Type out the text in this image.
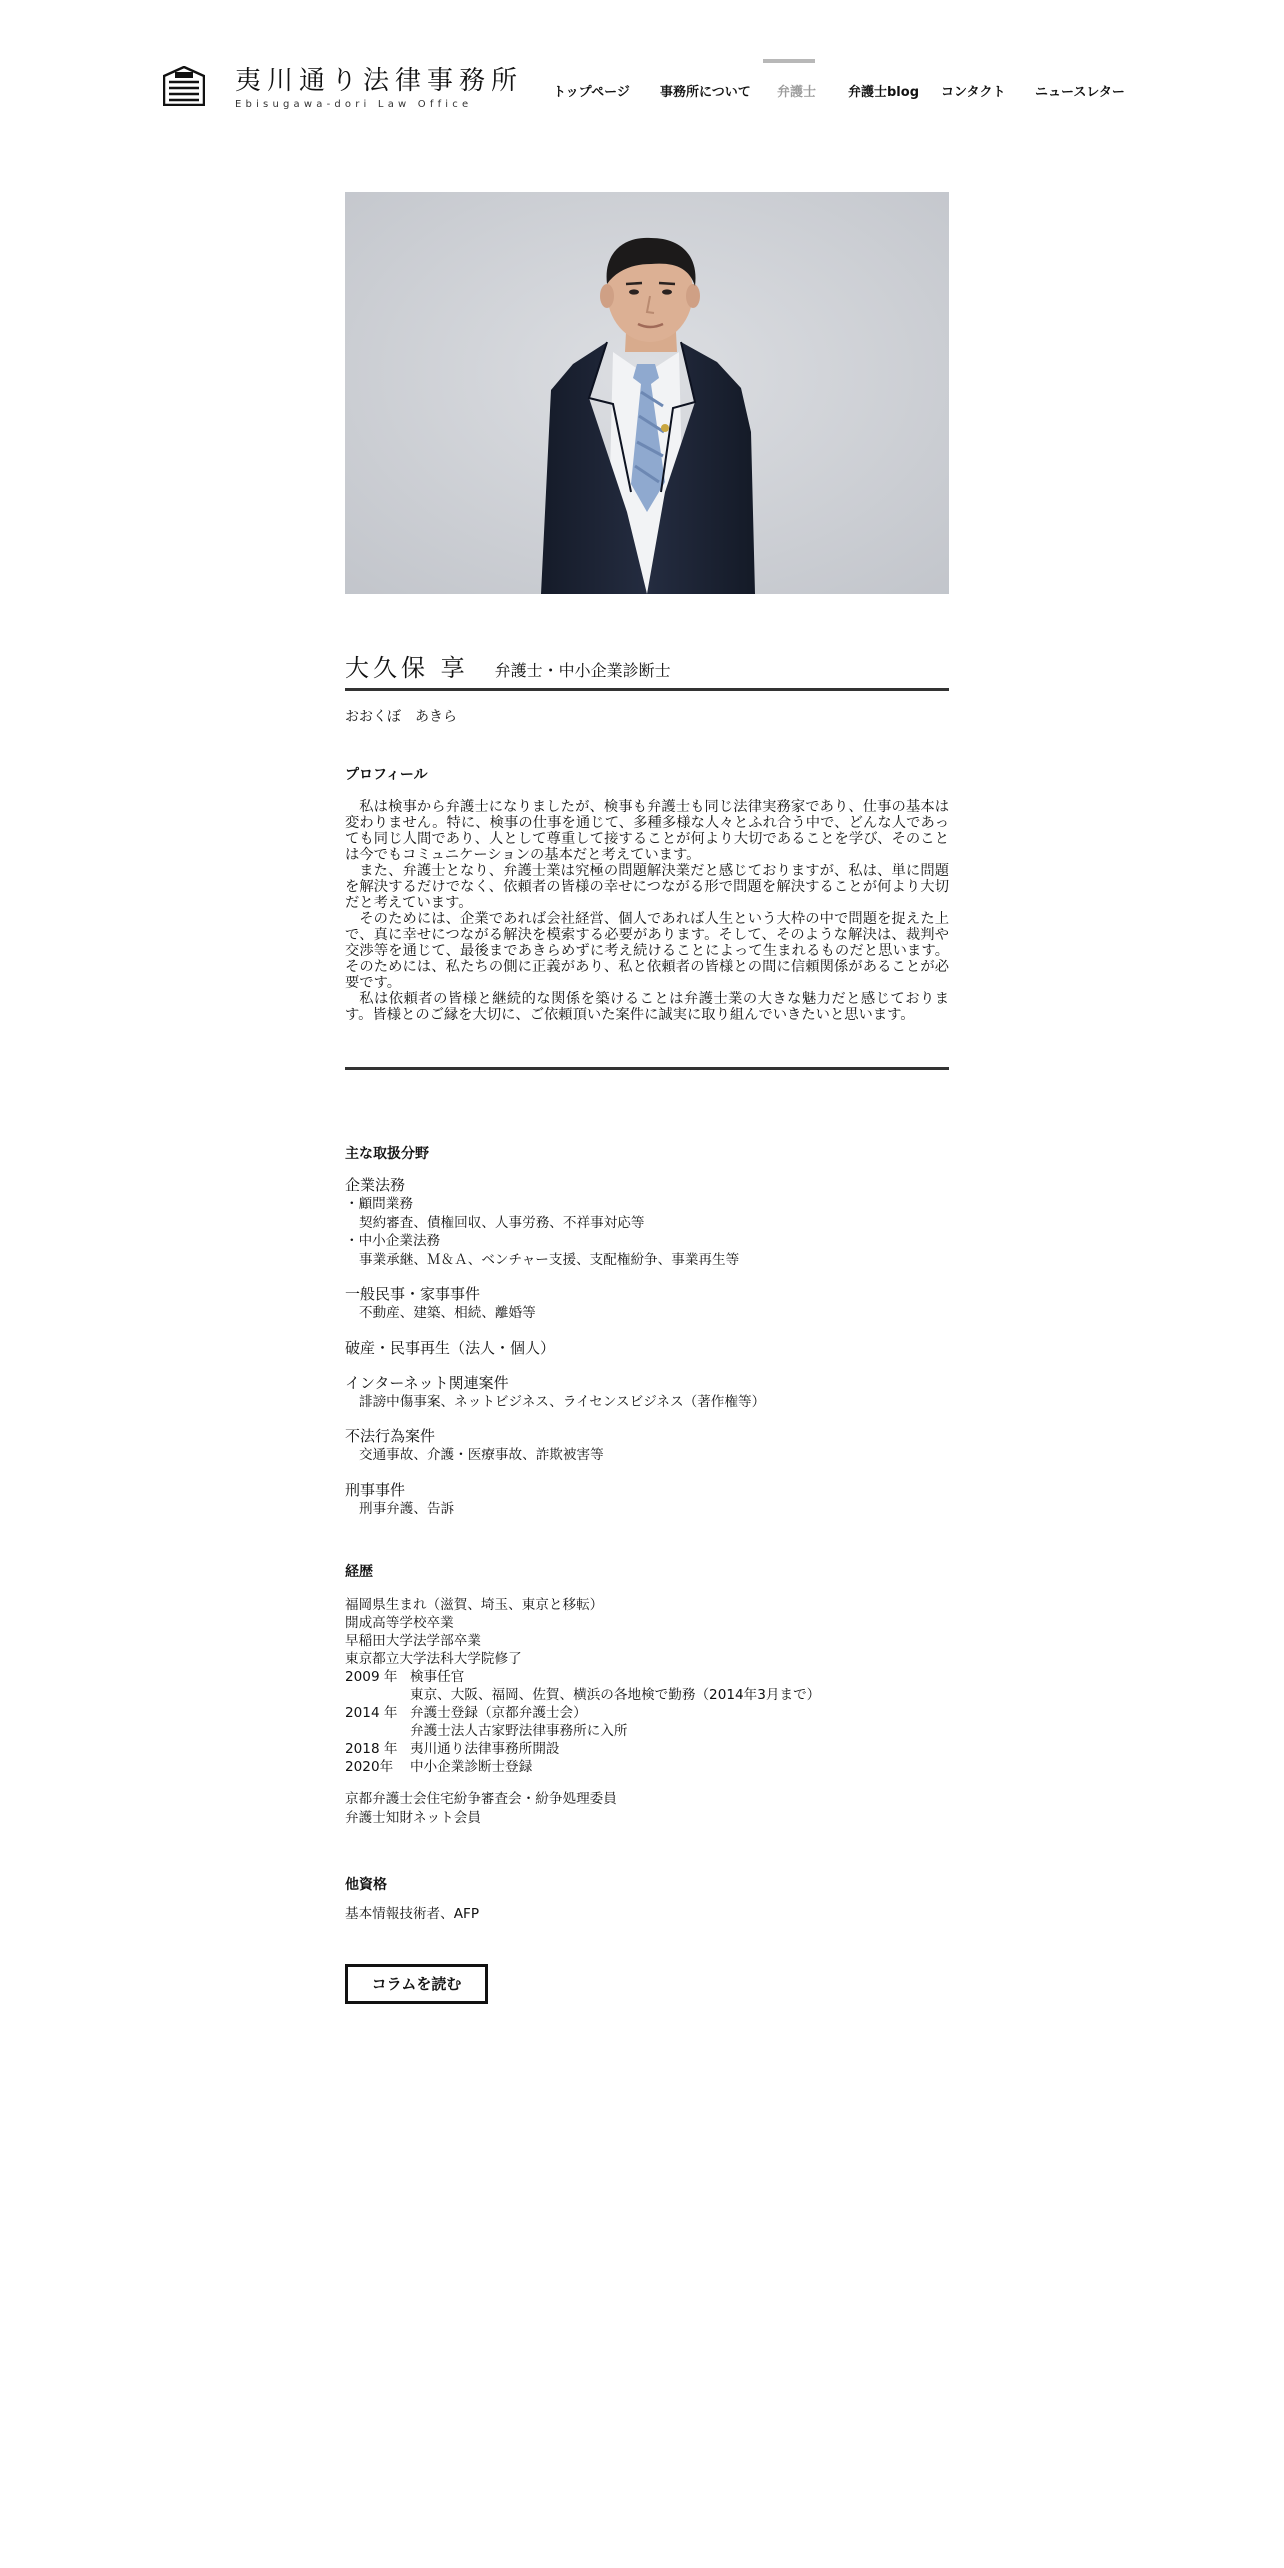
夷川通り法律事務所
Ebisugawa-dori Law Office
トップページ 事務所について 弁護士 弁護士blog コンタクト ニュースレター
大久保 享 弁護士・中小企業診断士
おおくぼ　あきら
プロフィール

私は検事から弁護士になりましたが、検事も弁護士も同じ法律実務家であり、仕事の基本は変わりません。特に、検事の仕事を通じて、多種多様な人々とふれ合う中で、どんな人であっても同じ人間であり、人として尊重して接することが何より大切であることを学び、そのことは今でもコミュニケーションの基本だと考えています。

また、弁護士となり、弁護士業は究極の問題解決業だと感じておりますが、私は、単に問題を解決するだけでなく、依頼者の皆様の幸せにつながる形で問題を解決することが何より大切だと考えています。

そのためには、企業であれば会社経営、個人であれば人生という大枠の中で問題を捉えた上で、真に幸せにつながる解決を模索する必要があります。そして、そのような解決は、裁判や交渉等を通じて、最後まであきらめずに考え続けることによって生まれるものだと思います。そのためには、私たちの側に正義があり、私と依頼者の皆様との間に信頼関係があることが必要です。

私は依頼者の皆様と継続的な関係を築けることは弁護士業の大きな魅力だと感じております。皆様とのご縁を大切に、ご依頼頂いた案件に誠実に取り組んでいきたいと思います。

主な取扱分野
企業法務
・顧問業務
契約審査、債権回収、人事労務、不祥事対応等
・中小企業法務
事業承継、Ｍ＆Ａ、ベンチャー支援、支配権紛争、事業再生等
一般民事・家事事件
不動産、建築、相続、離婚等
破産・民事再生（法人・個人）
インターネット関連案件
誹謗中傷事案、ネットビジネス、ライセンスビジネス（著作権等）
不法行為案件
交通事故、介護・医療事故、詐欺被害等
刑事事件
刑事弁護、告訴
経歴
福岡県生まれ（滋賀、埼玉、東京と移転）
開成高等学校卒業
早稲田大学法学部卒業
東京都立大学法科大学院修了
2009 年 検事任官
東京、大阪、福岡、佐賀、横浜の各地検で勤務（2014年3月まで）
2014 年 弁護士登録（京都弁護士会）
弁護士法人古家野法律事務所に入所
2018 年 夷川通り法律事務所開設
2020年	中小企業診断士登録
京都弁護士会住宅紛争審査会・紛争処理委員
弁護士知財ネット会員
他資格
基本情報技術者、AFP
コラムを読む
